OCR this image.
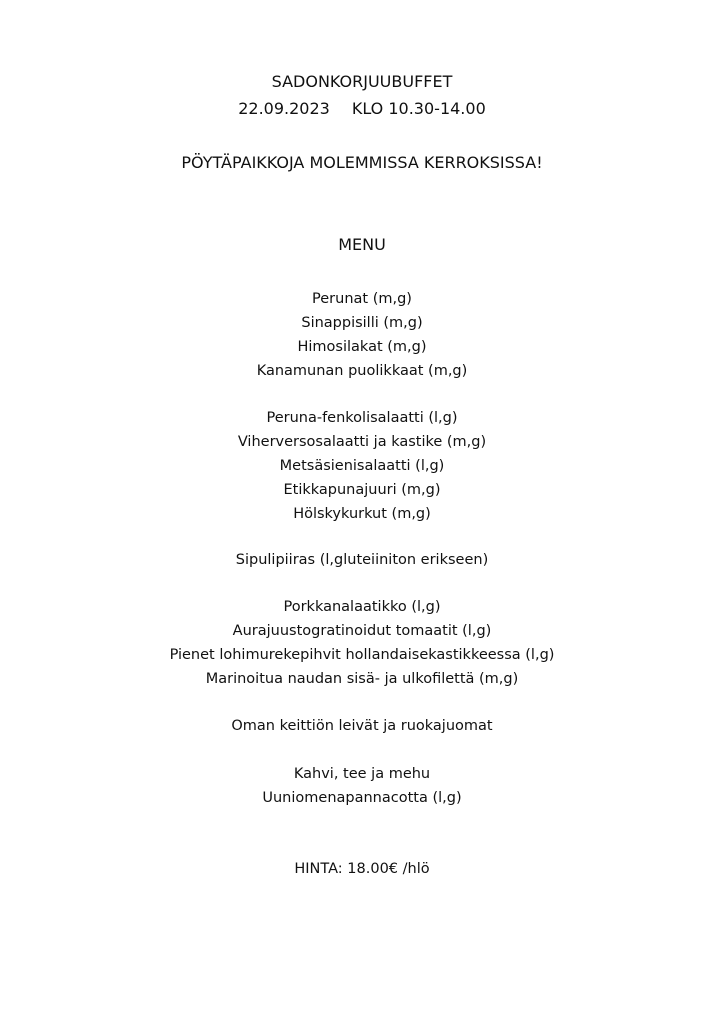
SADONKORJUUBUFFET
22.09.2023 KLO 10.30-14.00
PÖYTÄPAIKKOJA MOLEMMISSA KERROKSISSA!
MENU
Perunat (m,g)
Sinappisilli (m,g)
Himosilakat (m,g)
Kanamunan puolikkaat (m,g)
Peruna-fenkolisalaatti (l,g)
Viherversosalaatti ja kastike (m,g)
Metsäsienisalaatti (l,g)
Etikkapunajuuri (m,g)
Hölskykurkut (m,g)
Sipulipiiras (l,gluteiiniton erikseen)
Porkkanalaatikko (l,g)
Aurajuustogratinoidut tomaatit (l,g)
Pienet lohimurekepihvit hollandaisekastikkeessa (l,g)
Marinoitua naudan sisä- ja ulkofilettä (m,g)
Oman keittiön leivät ja ruokajuomat
Kahvi, tee ja mehu
Uuniomenapannacotta (l,g)
HINTA: 18.00€ /hlö
